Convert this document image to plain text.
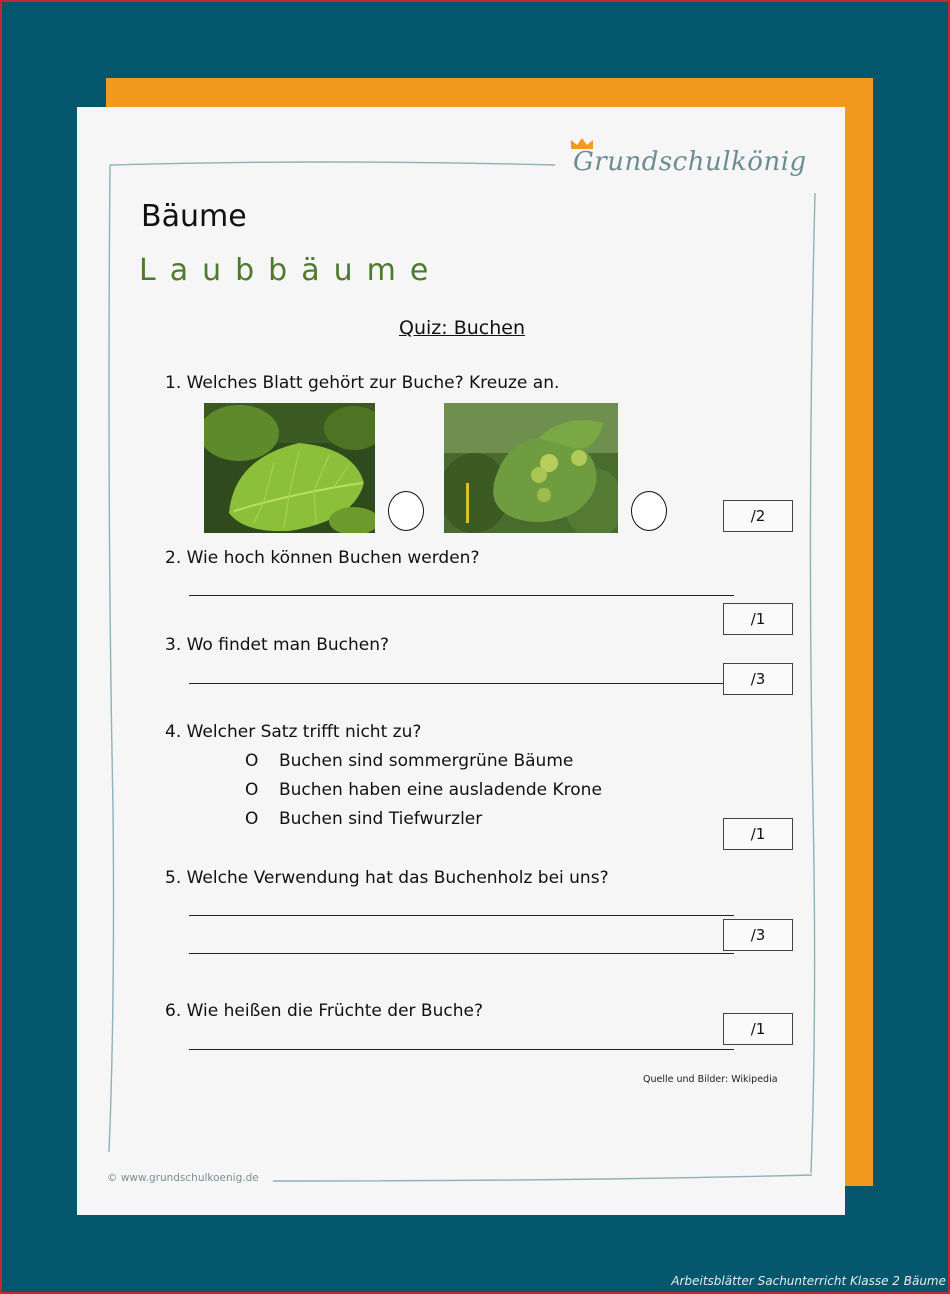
Grundschulkönig
Bäume
Laubbäume
Quiz: Buchen
1. Welches Blatt gehört zur Buche? Kreuze an.
/2
2. Wie hoch können Buchen werden?
/1
3. Wo findet man Buchen?
/3
4. Welcher Satz trifft nicht zu?
O Buchen sind sommergrüne Bäume
O Buchen haben eine ausladende Krone
O Buchen sind Tiefwurzler
/1
5. Welche Verwendung hat das Buchenholz bei uns?
/3
6. Wie heißen die Früchte der Buche?
/1
Quelle und Bilder: Wikipedia
© www.grundschulkoenig.de
Arbeitsblätter Sachunterricht Klasse 2 Bäume
